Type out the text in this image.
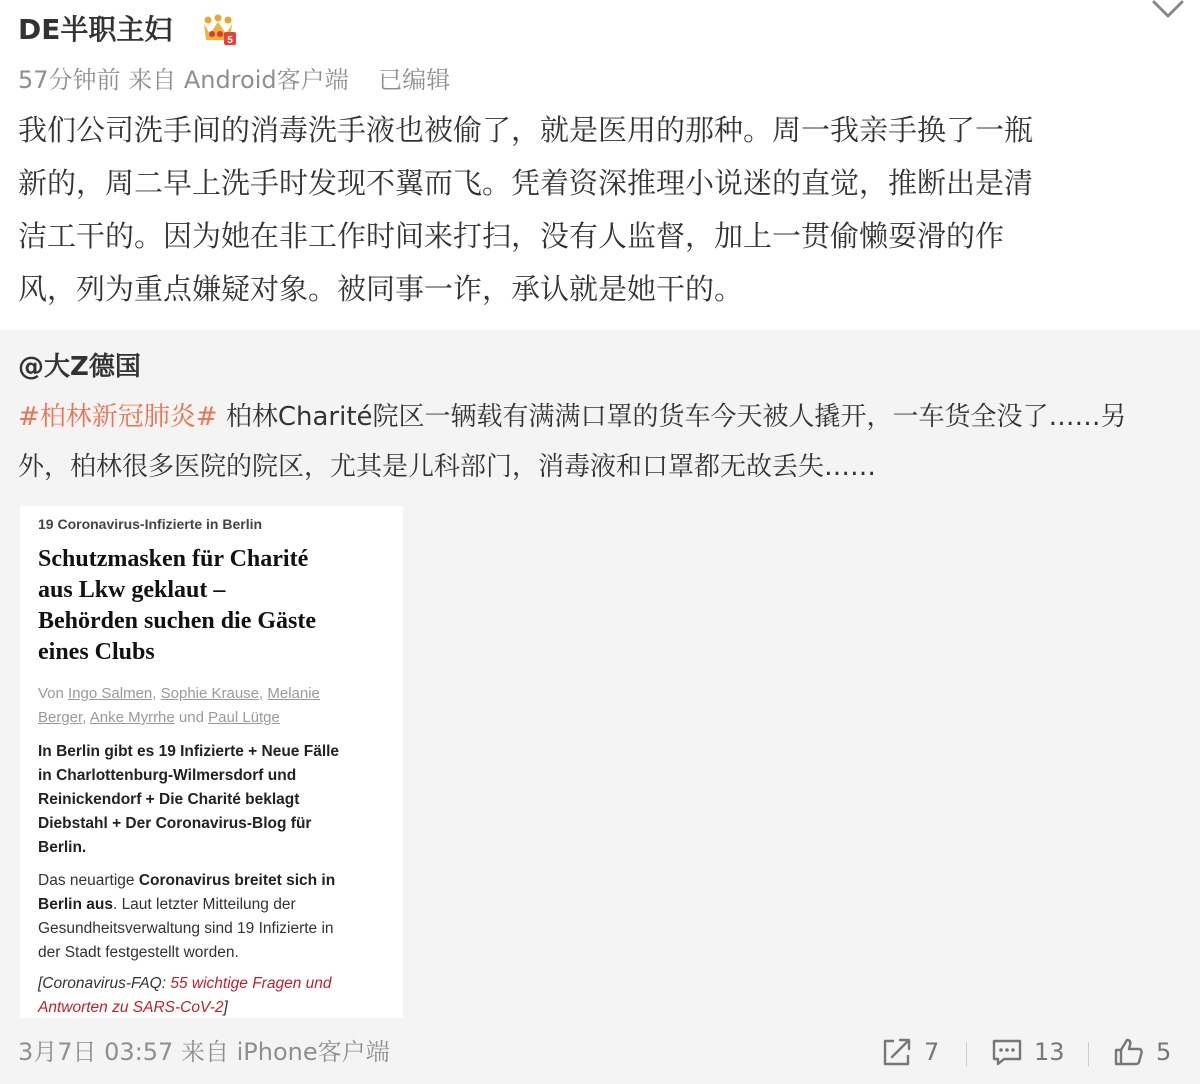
DE半职主妇	5
57分钟前 来自 Android客户端 已编辑
我们公司洗手间的消毒洗手液也被偷了，就是医用的那种。周一我亲手换了一瓶
新的，周二早上洗手时发现不翼而飞。凭着资深推理小说迷的直觉，推断出是清
洁工干的。因为她在非工作时间来打扫，没有人监督，加上一贯偷懒耍滑的作
风，列为重点嫌疑对象。被同事一诈，承认就是她干的。
@大Z德国
#柏林新冠肺炎# 柏林Charité院区一辆载有满满口罩的货车今天被人撬开，一车货全没了……另
外，柏林很多医院的院区，尤其是儿科部门，消毒液和口罩都无故丢失……
19 Coronavirus-Infizierte in Berlin
Schutzmasken für Charité
aus Lkw geklaut –
Behörden suchen die Gäste
eines Clubs
Von Ingo Salmen, Sophie Krause, Melanie
Berger, Anke Myrrhe und Paul Lütge
In Berlin gibt es 19 Infizierte + Neue Fälle
in Charlottenburg-Wilmersdorf und
Reinickendorf + Die Charité beklagt
Diebstahl + Der Coronavirus-Blog für
Berlin.
Das neuartige Coronavirus breitet sich in
Berlin aus. Laut letzter Mitteilung der
Gesundheitsverwaltung sind 19 Infizierte in
der Stadt festgestellt worden.
[Coronavirus-FAQ: 55 wichtige Fragen und
Antworten zu SARS-CoV-2]
3月7日 03:57 来自 iPhone客户端	7	13	5
